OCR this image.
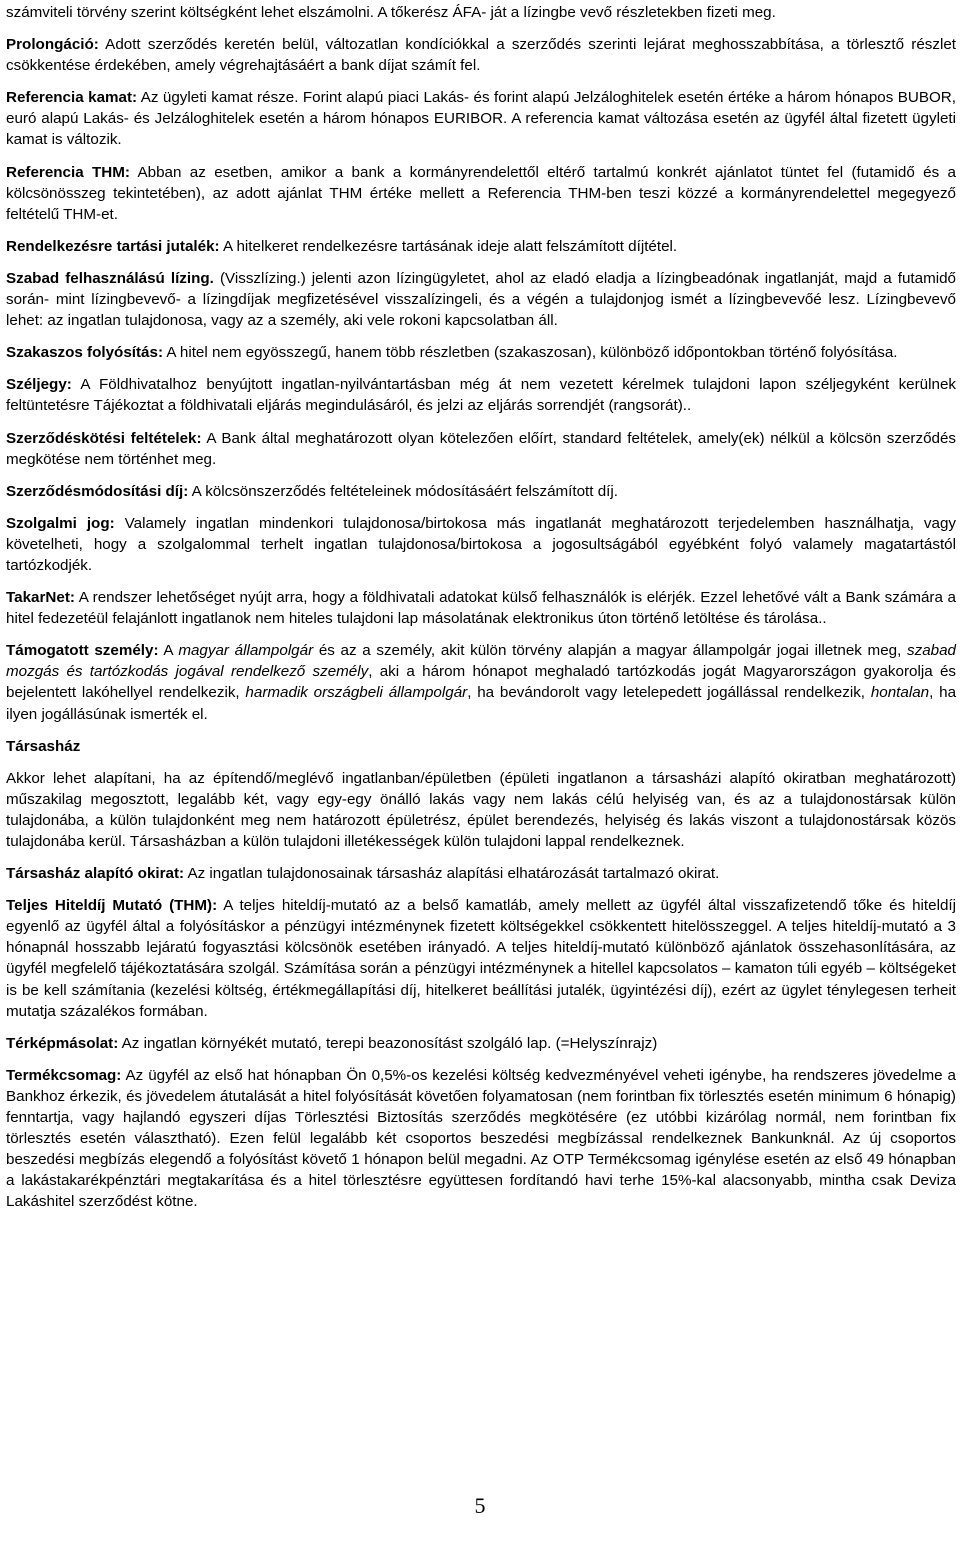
számviteli törvény szerint költségként lehet elszámolni. A tőkerész ÁFA- ját a lízingbe vevő részletekben fizeti meg.

Prolongáció: Adott szerződés keretén belül, változatlan kondíciókkal a szerződés szerinti lejárat meghosszabbítása, a törlesztő részlet csökkentése érdekében, amely végrehajtásáért a bank díjat számít fel.

Referencia kamat: Az ügyleti kamat része. Forint alapú piaci Lakás- és forint alapú Jelzáloghitelek esetén értéke a három hónapos BUBOR, euró alapú Lakás- és Jelzáloghitelek esetén a három hónapos EURIBOR. A referencia kamat változása esetén az ügyfél által fizetett ügyleti kamat is változik.

Referencia THM: Abban az esetben, amikor a bank a kormányrendelettől eltérő tartalmú konkrét ajánlatot tüntet fel (futamidő és a kölcsönösszeg tekintetében), az adott ajánlat THM értéke mellett a Referencia THM-ben teszi közzé a kormányrendelettel megegyező feltételű THM-et.

Rendelkezésre tartási jutalék: A hitelkeret rendelkezésre tartásának ideje alatt felszámított díjtétel.

Szabad felhasználású lízing. (Visszlízing.) jelenti azon lízingügyletet, ahol az eladó eladja a lízingbeadónak ingatlanját, majd a futamidő során- mint lízingbevevő- a lízingdíjak megfizetésével visszalízingeli, és a végén a tulajdonjog ismét a lízingbevevőé lesz. Lízingbevevő lehet: az ingatlan tulajdonosa, vagy az a személy, aki vele rokoni kapcsolatban áll.

Szakaszos folyósítás: A hitel nem egyösszegű, hanem több részletben (szakaszosan), különböző időpontokban történő folyósítása.

Széljegy: A Földhivatalhoz benyújtott ingatlan-nyilvántartásban még át nem vezetett kérelmek tulajdoni lapon széljegyként kerülnek feltüntetésre Tájékoztat a földhivatali eljárás megindulásáról, és jelzi az eljárás sorrendjét (rangsorát)..

Szerződéskötési feltételek: A Bank által meghatározott olyan kötelezően előírt, standard feltételek, amely(ek) nélkül a kölcsön szerződés megkötése nem történhet meg.

Szerződésmódosítási díj: A kölcsönszerződés feltételeinek módosításáért felszámított díj.

Szolgalmi jog: Valamely ingatlan mindenkori tulajdonosa/birtokosa más ingatlanát meghatározott terjedelemben használhatja, vagy követelheti, hogy a szolgalommal terhelt ingatlan tulajdonosa/birtokosa a jogosultságából egyébként folyó valamely magatartástól tartózkodjék.

TakarNet: A rendszer lehetőséget nyújt arra, hogy a földhivatali adatokat külső felhasználók is elérjék. Ezzel lehetővé vált a Bank számára a hitel fedezetéül felajánlott ingatlanok nem hiteles tulajdoni lap másolatának elektronikus úton történő letöltése és tárolása..

Támogatott személy: A magyar állampolgár és az a személy, akit külön törvény alapján a magyar állampolgár jogai illetnek meg, szabad mozgás és tartózkodás jogával rendelkező személy, aki a három hónapot meghaladó tartózkodás jogát Magyarországon gyakorolja és bejelentett lakóhellyel rendelkezik, harmadik országbeli állampolgár, ha bevándorolt vagy letelepedett jogállással rendelkezik, hontalan, ha ilyen jogállásúnak ismerték el.

Társasház

Akkor lehet alapítani, ha az építendő/meglévő ingatlanban/épületben (épületi ingatlanon a társasházi alapító okiratban meghatározott) műszakilag megosztott, legalább két, vagy egy-egy önálló lakás vagy nem lakás célú helyiség van, és az a tulajdonostársak külön tulajdonába, a külön tulajdonként meg nem határozott épületrész, épület berendezés, helyiség és lakás viszont a tulajdonostársak közös tulajdonába kerül. Társasházban a külön tulajdoni illetékességek külön tulajdoni lappal rendelkeznek.

Társasház alapító okirat: Az ingatlan tulajdonosainak társasház alapítási elhatározását tartalmazó okirat.

Teljes Hiteldíj Mutató (THM): A teljes hiteldíj-mutató az a belső kamatláb, amely mellett az ügyfél által visszafizetendő tőke és hiteldíj egyenlő az ügyfél által a folyósításkor a pénzügyi intézménynek fizetett költségekkel csökkentett hitelösszeggel. A teljes hiteldíj-mutató a 3 hónapnál hosszabb lejáratú fogyasztási kölcsönök esetében irányadó. A teljes hiteldíj-mutató különböző ajánlatok összehasonlítására, az ügyfél megfelelő tájékoztatására szolgál. Számítása során a pénzügyi intézménynek a hitellel kapcsolatos – kamaton túli egyéb – költségeket is be kell számítania (kezelési költség, értékmegállapítási díj, hitelkeret beállítási jutalék, ügyintézési díj), ezért az ügylet ténylegesen terheit mutatja százalékos formában.

Térképmásolat: Az ingatlan környékét mutató, terepi beazonosítást szolgáló lap. (=Helyszínrajz)

Termékcsomag: Az ügyfél az első hat hónapban Ön 0,5%-os kezelési költség kedvezményével veheti igénybe, ha rendszeres jövedelme a Bankhoz érkezik, és jövedelem átutalását a hitel folyósítását követően folyamatosan (nem forintban fix törlesztés esetén minimum 6 hónapig) fenntartja, vagy hajlandó egyszeri díjas Törlesztési Biztosítás szerződés megkötésére (ez utóbbi kizárólag normál, nem forintban fix törlesztés esetén választható). Ezen felül legalább két csoportos beszedési megbízással rendelkeznek Bankunknál. Az új csoportos beszedési megbízás elegendő a folyósítást követő 1 hónapon belül megadni. Az OTP Termékcsomag igénylése esetén az első 49 hónapban a lakástakarékpénztári megtakarítása és a hitel törlesztésre együttesen fordítandó havi terhe 15%-kal alacsonyabb, mintha csak Deviza Lakáshitel szerződést kötne.

5
